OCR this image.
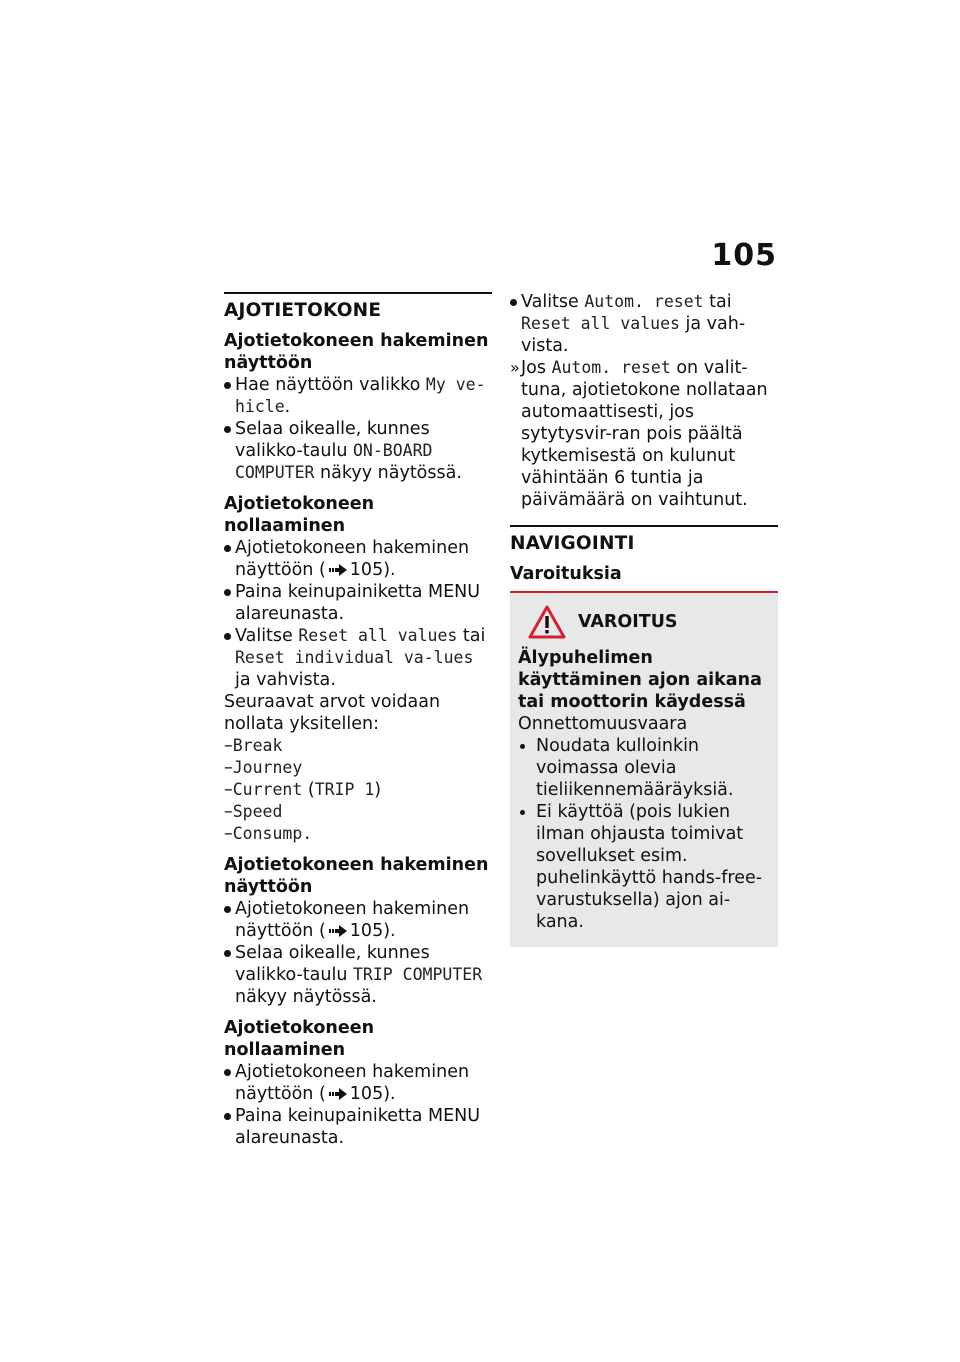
105
AJOTIETOKONE

Ajotietokoneen hakeminen näyttöön

Hae näyttöön valikko My ve-hicle.
Selaa oikealle, kunnes valikko-taulu ON-BOARD COMPUTER näkyy näytössä.

Ajotietokoneen nollaaminen

Ajotietokoneen hakeminen näyttöön ( 105).
Paina keinupainiketta MENU alareunasta.
Valitse Reset all values tai Reset individual va-lues ja vahvista.

Seuraavat arvot voidaan nollata yksitellen:

–Break

–Journey

–Current (TRIP 1)

–Speed

–Consump.

Ajotietokoneen hakeminen näyttöön

Ajotietokoneen hakeminen näyttöön ( 105).
Selaa oikealle, kunnes valikko-taulu TRIP COMPUTER näkyy näytössä.

Ajotietokoneen nollaaminen

Ajotietokoneen hakeminen näyttöön ( 105).
Paina keinupainiketta MENU alareunasta.
Valitse Autom. reset tai Reset all values ja vah-vista.
» Jos Autom. reset on valit-tuna, ajotietokone nollataan automaattisesti, jos sytytysvir-ran pois päältä kytkemisestä on kulunut vähintään 6 tuntia ja päivämäärä on vaihtunut.
NAVIGOINTI

Varoituksia

VAROITUS
Älypuhelimen käyttäminen ajon aikana tai moottorin käydessä

Onnettomuusvaara

Noudata kulloinkin voimassa olevia tieliikennemääräyksiä.
Ei käyttöä (pois lukien ilman ohjausta toimivat sovellukset esim. puhelinkäyttö hands-free-varustuksella) ajon ai-kana.
